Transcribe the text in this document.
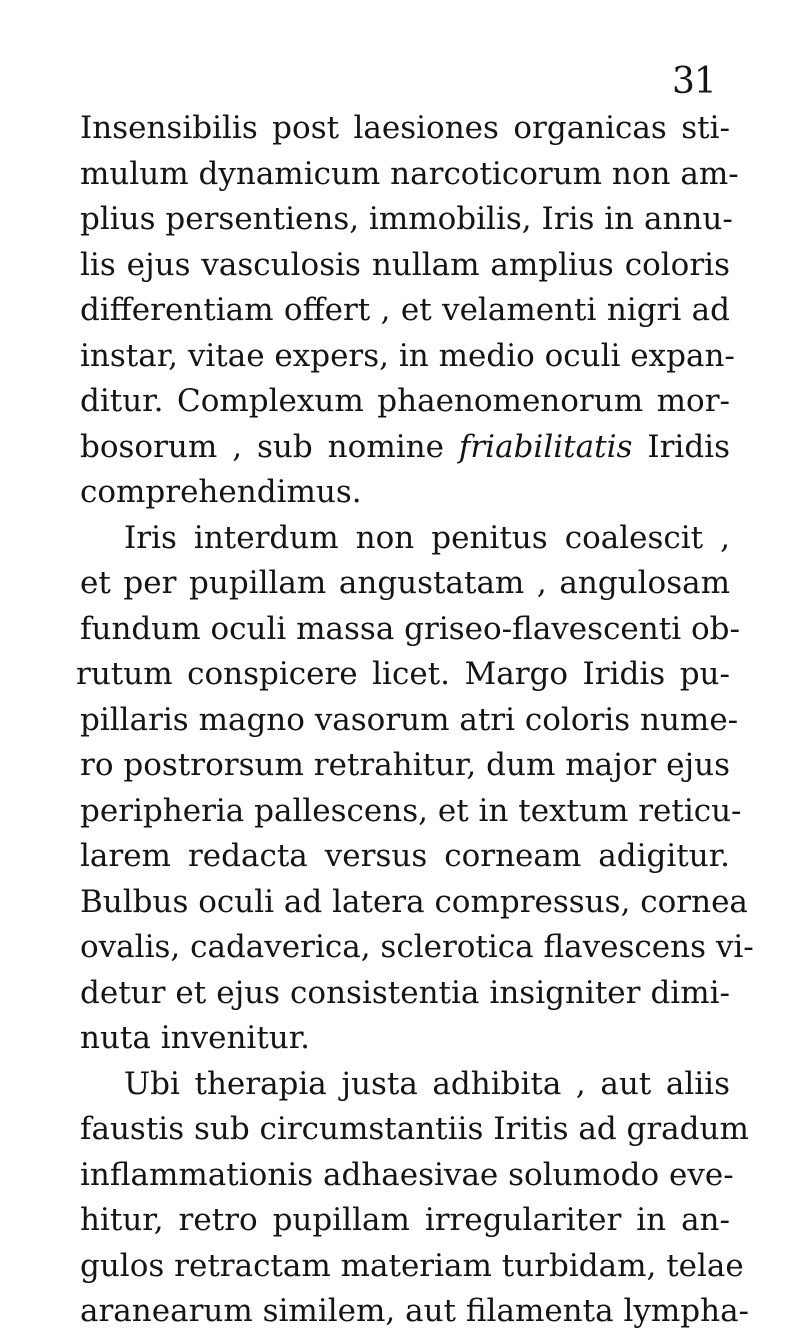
31
Insensibilis post laesiones organicas sti-
mulum dynamicum narcoticorum non am-
plius persentiens, immobilis, Iris in annu-
lis ejus vasculosis nullam amplius coloris
differentiam offert , et velamenti nigri ad
instar, vitae expers, in medio oculi expan-
ditur. Complexum phaenomenorum mor-
bosorum , sub nomine friabilitatis Iridis
comprehendimus.
Iris interdum non penitus coalescit ,
et per pupillam angustatam , angulosam
fundum oculi massa griseo-flavescenti ob-
rutum conspicere licet. Margo Iridis pu-
pillaris magno vasorum atri coloris nume-
ro postrorsum retrahitur, dum major ejus
peripheria pallescens, et in textum reticu-
larem redacta versus corneam adigitur.
Bulbus oculi ad latera compressus, cornea
ovalis, cadaverica, sclerotica flavescens vi-
detur et ejus consistentia insigniter dimi-
nuta invenitur.
Ubi therapia justa adhibita , aut aliis
faustis sub circumstantiis Iritis ad gradum
inflammationis adhaesivae solumodo eve-
hitur, retro pupillam irregulariter in an-
gulos retractam materiam turbidam, telae
aranearum similem, aut filamenta lympha-
